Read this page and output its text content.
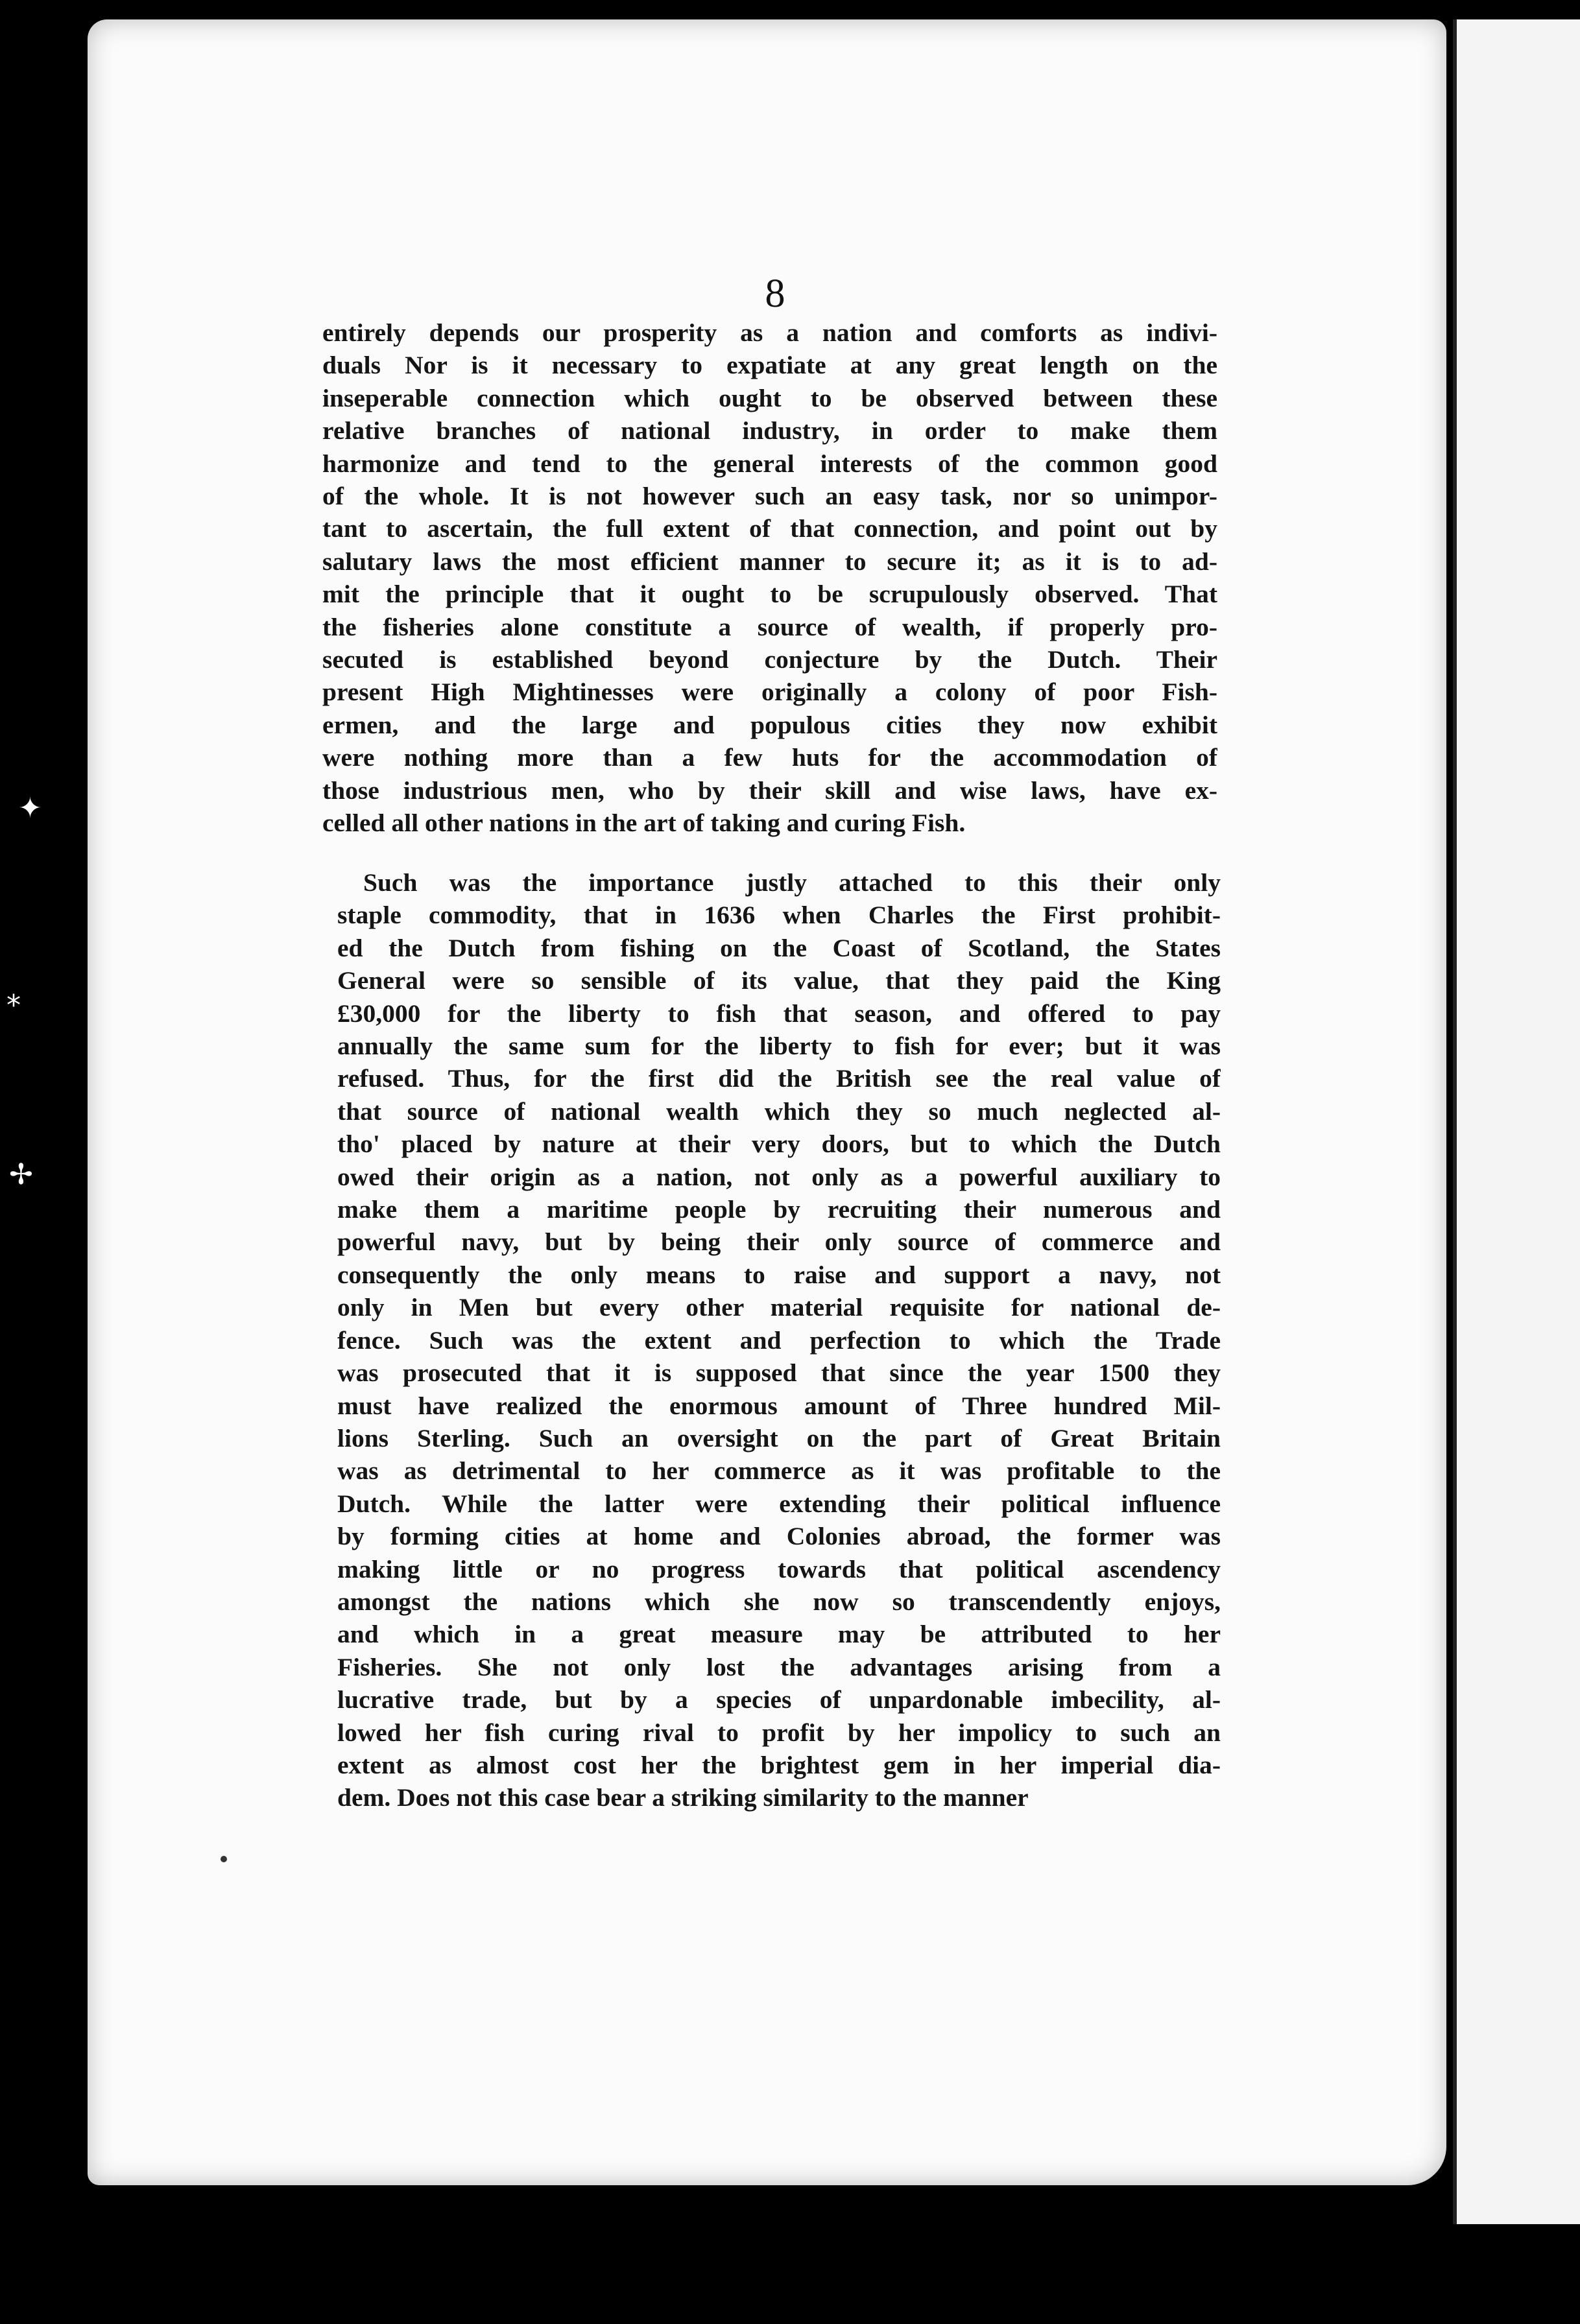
✦
⁎
✢
8
entirely depends our prosperity as a nation and comforts as indivi-
duals Nor is it necessary to expatiate at any great length on the
inseperable connection which ought to be observed between these
relative branches of national industry, in order to make them
harmonize and tend to the general interests of the common good
of the whole. It is not however such an easy task, nor so unimpor-
tant to ascertain, the full extent of that connection, and point out by
salutary laws the most efficient manner to secure it; as it is to ad-
mit the principle that it ought to be scrupulously observed. That
the fisheries alone constitute a source of wealth, if properly pro-
secuted is established beyond conjecture by the Dutch. Their
present High Mightinesses were originally a colony of poor Fish-
ermen, and the large and populous cities they now exhibit
were nothing more than a few huts for the accommodation of
those industrious men, who by their skill and wise laws, have ex-
celled all other nations in the art of taking and curing Fish.
Such was the importance justly attached to this their only
staple commodity, that in 1636 when Charles the First prohibit-
ed the Dutch from fishing on the Coast of Scotland, the States
General were so sensible of its value, that they paid the King
£30,000 for the liberty to fish that season, and offered to pay
annually the same sum for the liberty to fish for ever; but it was
refused. Thus, for the first did the British see the real value of
that source of national wealth which they so much neglected al-
tho' placed by nature at their very doors, but to which the Dutch
owed their origin as a nation, not only as a powerful auxiliary to
make them a maritime people by recruiting their numerous and
powerful navy, but by being their only source of commerce and
consequently the only means to raise and support a navy, not
only in Men but every other material requisite for national de-
fence. Such was the extent and perfection to which the Trade
was prosecuted that it is supposed that since the year 1500 they
must have realized the enormous amount of Three hundred Mil-
lions Sterling. Such an oversight on the part of Great Britain
was as detrimental to her commerce as it was profitable to the
Dutch. While the latter were extending their political influence
by forming cities at home and Colonies abroad, the former was
making little or no progress towards that political ascendency
amongst the nations which she now so transcendently enjoys,
and which in a great measure may be attributed to her
Fisheries. She not only lost the advantages arising from a
lucrative trade, but by a species of unpardonable imbecility, al-
lowed her fish curing rival to profit by her impolicy to such an
extent as almost cost her the brightest gem in her imperial dia-
dem. Does not this case bear a striking similarity to the manner
